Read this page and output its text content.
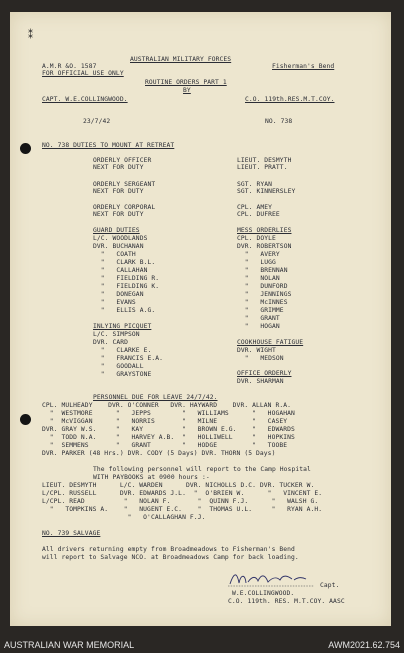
⁑
AUSTRALIAN MILITARY FORCES
Fisherman's Bend
A.M.R &O. 1587
FOR OFFICIAL USE ONLY
ROUTINE ORDERS PART 1
BY
CAPT. W.E.COLLINGWOOD.	C.O. 119th.RES.M.T.COY.
23/7/42	NO. 738
NO. 738 DUTIES TO MOUNT AT RETREAT
ORDERLY OFFICER	LIEUT. DESMYTH
NEXT FOR DUTY	LIEUT. PRATT.
ORDERLY SERGEANT	SGT. RYAN
NEXT FOR DUTY	SGT. KINNERSLEY
ORDERLY CORPORAL	CPL. AMEY
NEXT FOR DUTY	CPL. DUFREE
GUARD DUTIES
L/C. WOODLANDS
DVR. BUCHANAN
"   COATH
"   CLARK B.L.
"   CALLAHAN
"   FIELDING R.
"   FIELDING K.
"   DONEGAN
"   EVANS
"   ELLIS A.G.
MESS ORDERLIES
CPL. DOYLE
DVR. ROBERTSON
"   AVERY
"   LUGG
"   BRENNAN
"   NOLAN
"   DUNFORD
"   JENNINGS
"   McINNES
"   GRIMME
"   GRANT
"   HOGAN
INLYING PICQUET
L/C. SIMPSON
DVR. CARD
"   CLARKE E.
"   FRANCIS E.A.
"   GOODALL
"   GRAYSTONE
COOKHOUSE FATIGUE
DVR. WIGHT
"   MEDSON
OFFICE ORDERLY
DVR. SHARMAN
PERSONNEL DUE FOR LEAVE 24/7/42.
CPL. MULHEADY    DVR. O'CONNER   DVR. HAYWARD    DVR. ALLAN R.A.
"  WESTMORE      "   JEPPS        "   WILLIAMS      "   HOGAHAN
"  McVIGGAN      "   NORRIS       "   MILNE         "   CASEY
DVR. GRAY W.S.     "   KAY          "   BROWN E.G.    "   EDWARDS
"  TODD N.A.     "   HARVEY A.B.  "   HOLLIWELL     "   HOPKINS
"  SEMMENS       "   GRANT        "   HODGE         "   TOOBE
DVR. PARKER (48 Hrs.) DVR. CODY (5 Days) DVR. THORN (5 Days)
The following personnel will report to the Camp Hospital
WITH PAYBOOKS at 0900 hours :-
LIEUT. DESMYTH      L/C. WARDEN      DVR. NICHOLLS D.C. DVR. TUCKER W.
L/CPL. RUSSELL      DVR. EDWARDS J.L.  "  O'BRIEN W.      "   VINCENT E.
L/CPL. READ          "   NOLAN F.       "  QUINN F.J.      "   WALSH G.
"   TOMPKINS A.    "   NUGENT E.C.    "  THOMAS U.L.     "   RYAN A.H.
"   O'CALLAGHAN F.J.
NO. 739 SALVAGE
All drivers returning empty from Broadmeadows to Fisherman's Bend
will report to Salvage NCO. at Broadmeadows Camp for back loading.
Capt.
W.E.COLLINGWOOD.
C.O. 119th. RES. M.T.COY. AASC
AUSTRALIAN WAR MEMORIAL	AWM2021.62.754
